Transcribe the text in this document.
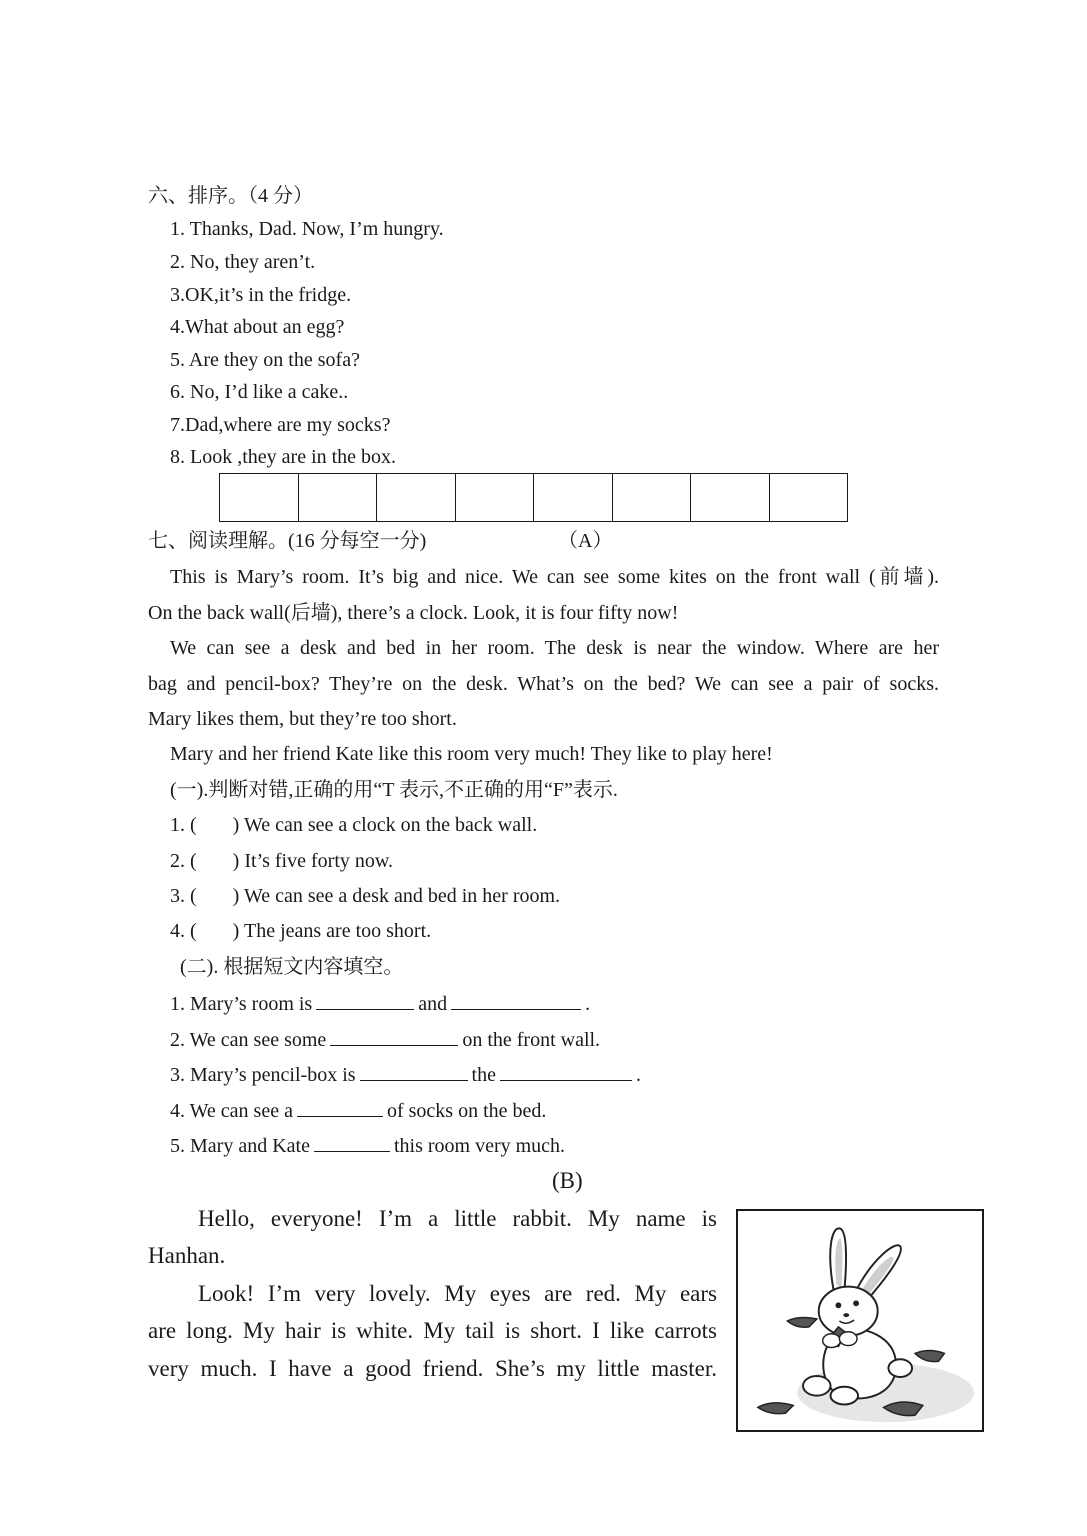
六、排序。（4 分）
1. Thanks, Dad. Now, I’m hungry.
2. No, they aren’t.
3.OK,it’s in the fridge.
4.What about an egg?
5. Are they on the sofa?
6. No, I’d like a cake..
7.Dad,where are my socks?
8. Look ,they are in the box.

七、阅读理解。(16 分每空一分)	（A）
This is Mary’s room. It’s big and nice. We can see some kites on the front wall (前墙).
On the back wall(后墙), there’s a clock. Look, it is four fifty now!
We can see a desk and bed in her room. The desk is near the window. Where are her
bag and pencil-box? They’re on the desk. What’s on the bed? We can see a pair of socks.
Mary likes them, but they’re too short.
Mary and her friend Kate like this room very much! They like to play here!
(一).判断对错,正确的用“T 表示,不正确的用“F”表示.
1. ( ) We can see a clock on the back wall.
2. ( ) It’s five forty now.
3. ( ) We can see a desk and bed in her room.
4. ( ) The jeans are too short.
(二). 根据短文内容填空。
1. Mary’s room is	and	.
2. We can see some	on the front wall.
3. Mary’s pencil-box is	the	.
4. We can see a	of socks on the bed.
5. Mary and Kate	this room very much.
(B)
Hello, everyone! I’m a little rabbit. My name is
Hanhan.
Look! I’m very lovely. My eyes are red. My ears
are long. My hair is white. My tail is short. I like carrots
very much. I have a good friend. She’s my little master.
